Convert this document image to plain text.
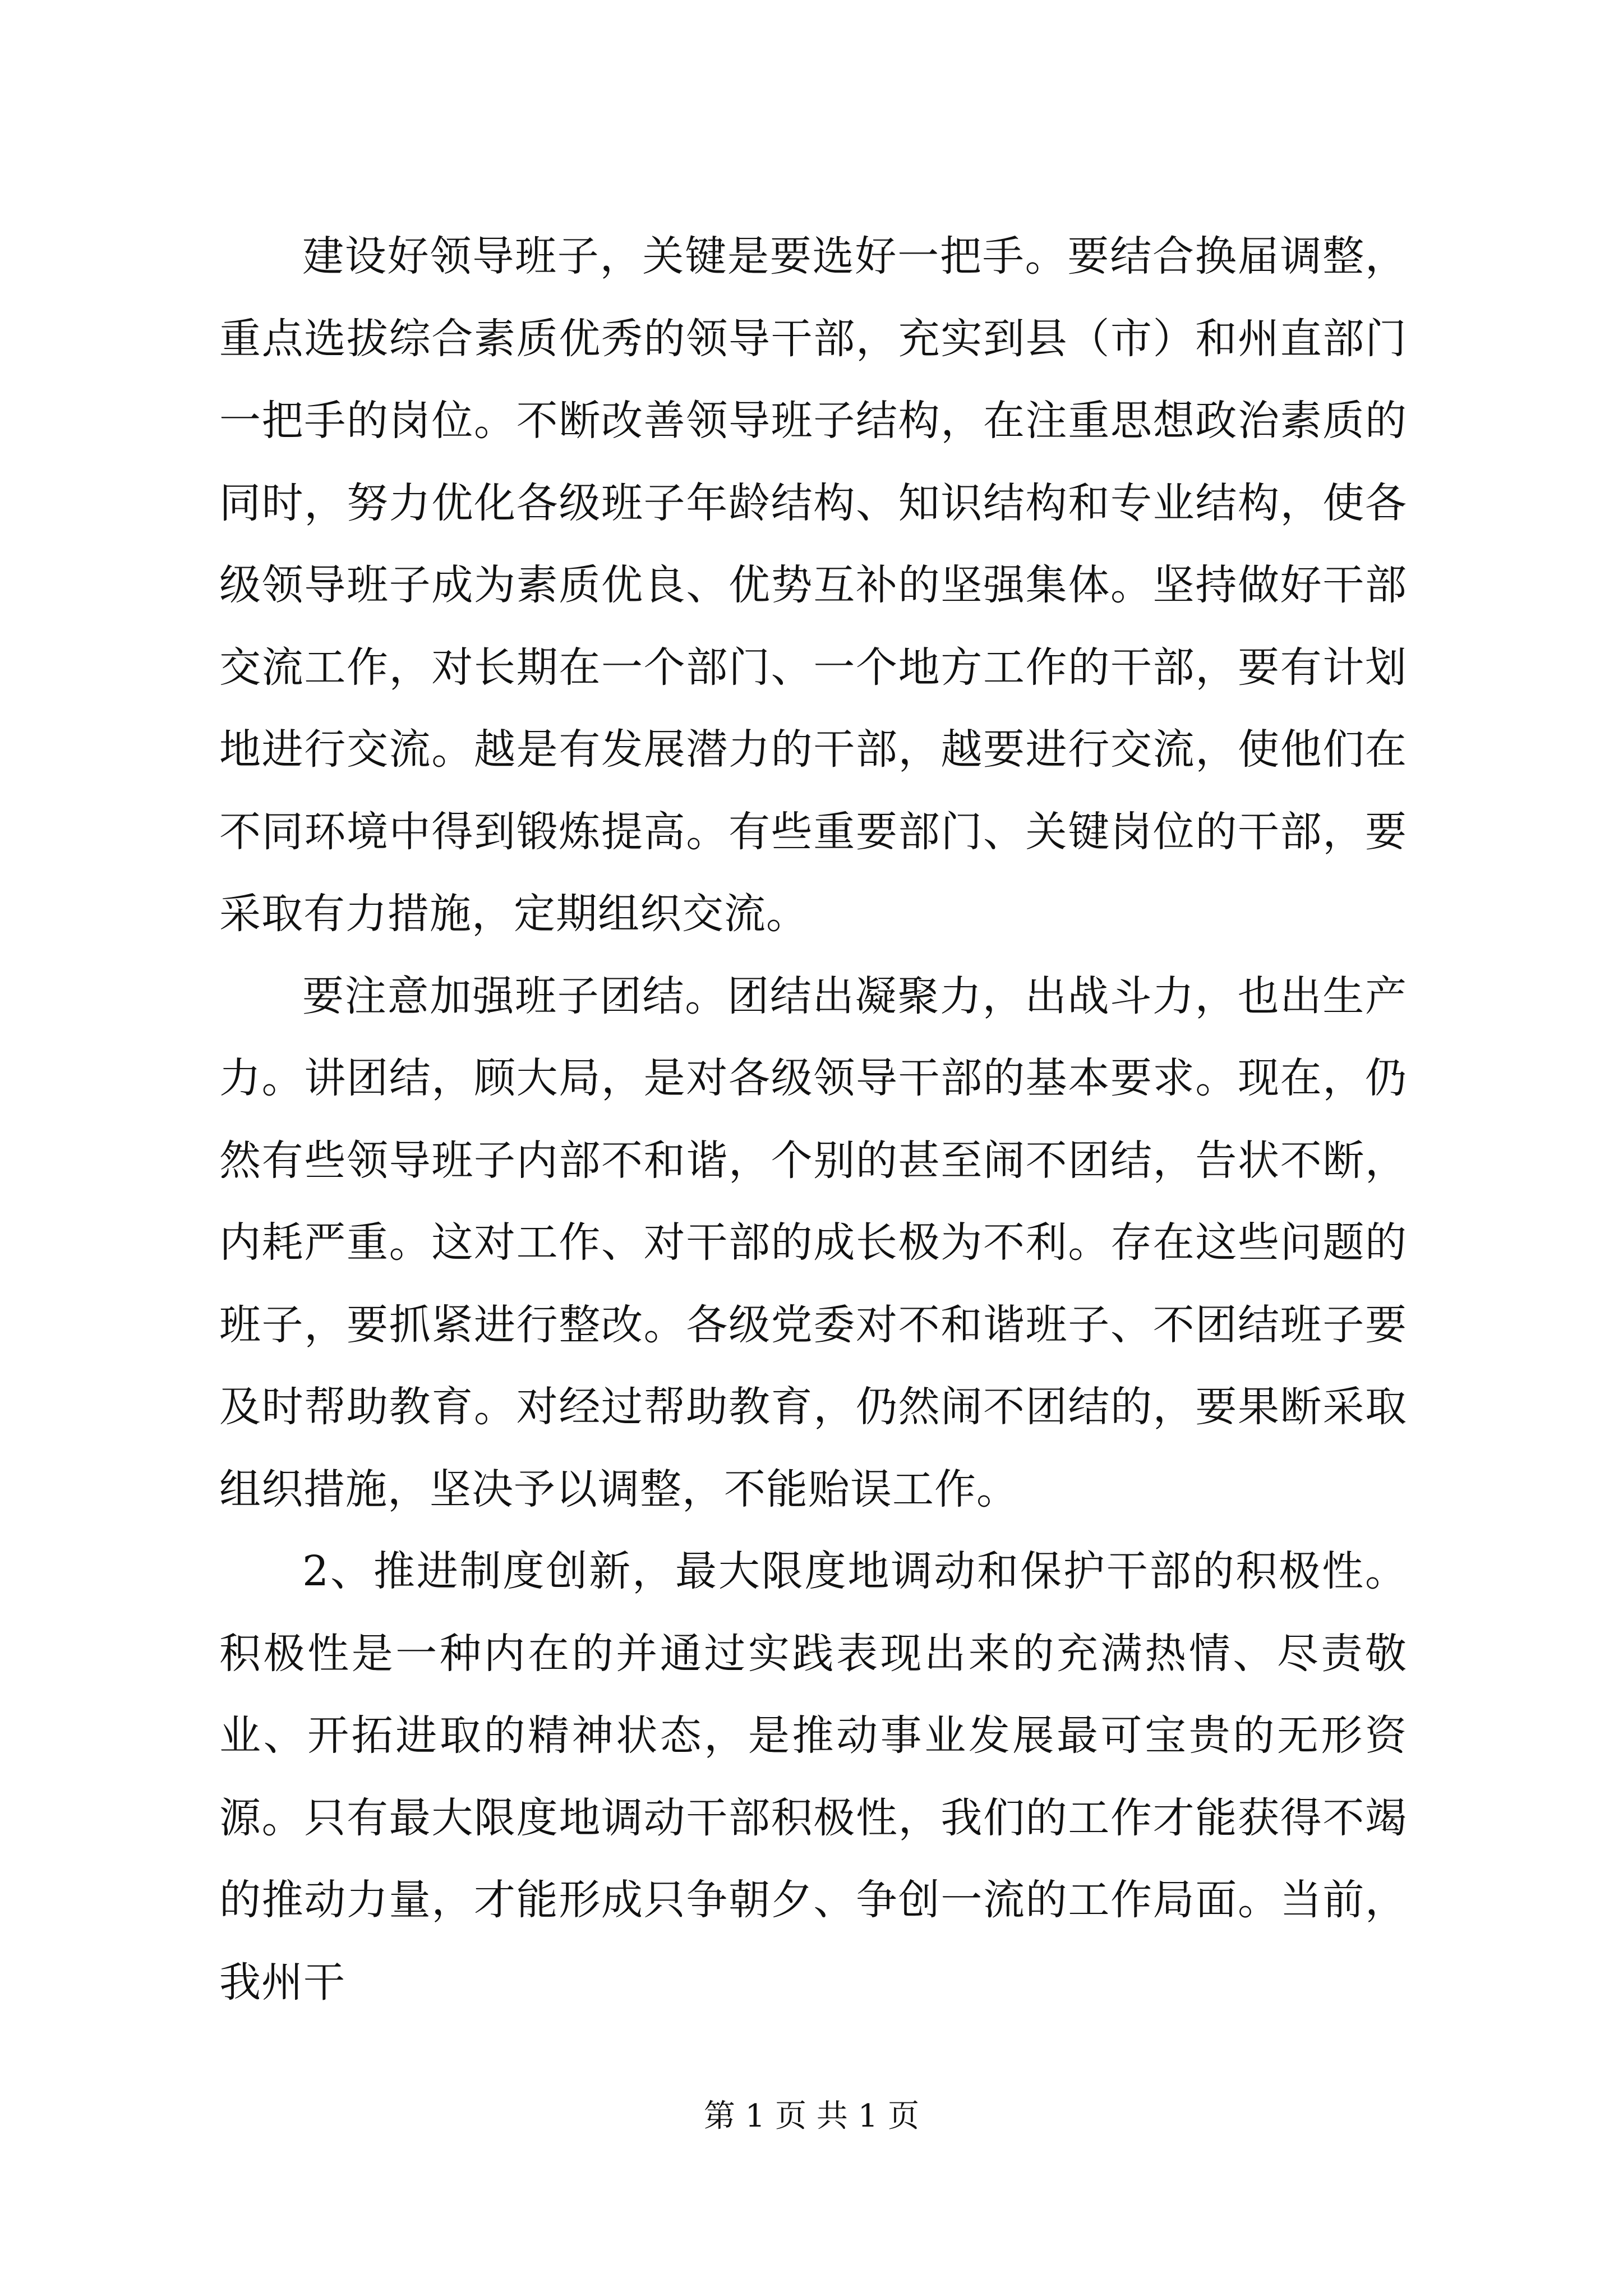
建设好领导班子，关键是要选好一把手。要结合换届调整，重点选拔综合素质优秀的领导干部，充实到县（市）和州直部门一把手的岗位。不断改善领导班子结构，在注重思想政治素质的同时，努力优化各级班子年龄结构、知识结构和专业结构，使各级领导班子成为素质优良、优势互补的坚强集体。坚持做好干部交流工作，对长期在一个部门、一个地方工作的干部，要有计划地进行交流。越是有发展潜力的干部，越要进行交流，使他们在不同环境中得到锻炼提高。有些重要部门、关键岗位的干部，要采取有力措施，定期组织交流。

要注意加强班子团结。团结出凝聚力，出战斗力，也出生产力。讲团结，顾大局，是对各级领导干部的基本要求。现在，仍然有些领导班子内部不和谐，个别的甚至闹不团结，告状不断，内耗严重。这对工作、对干部的成长极为不利。存在这些问题的班子，要抓紧进行整改。各级党委对不和谐班子、不团结班子要及时帮助教育。对经过帮助教育，仍然闹不团结的，要果断采取组织措施，坚决予以调整，不能贻误工作。

2、推进制度创新，最大限度地调动和保护干部的积极性。积极性是一种内在的并通过实践表现出来的充满热情、尽责敬业、开拓进取的精神状态，是推动事业发展最可宝贵的无形资源。只有最大限度地调动干部积极性，我们的工作才能获得不竭的推动力量，才能形成只争朝夕、争创一流的工作局面。当前，我州干

第 1 页 共 1 页
